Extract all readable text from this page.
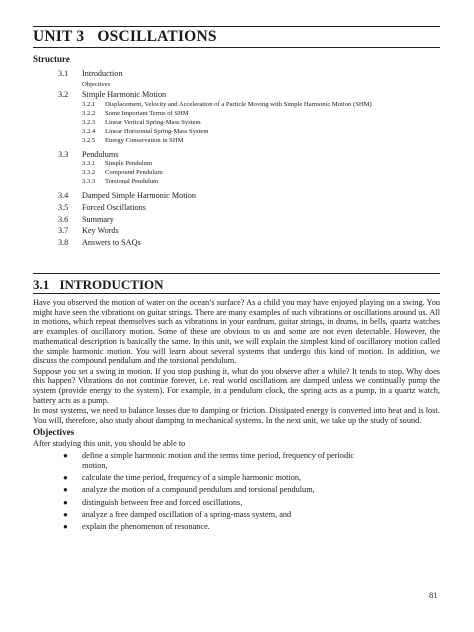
UNIT 3 OSCILLATIONS
Structure
3.1	Introduction
Objectives
3.2	Simple Harmonic Motion
3.2.1	Displacement, Velocity and Acceleration of a Particle Moving with Simple Harmonic Motion (SHM)
3.2.2	Some Important Terms of SHM
3.2.3	Linear Vertical Spring-Mass System
3.2.4	Linear Horizontal Spring-Mass System
3.2.5	Energy Conservation in SHM
3.3	Pendulums
3.3.1	Simple Pendulum
3.3.2	Compound Pendulum
3.3.3	Torsional Pendulum
3.4	Damped Simple Harmonic Motion
3.5	Forced Oscillations
3.6	Summary
3.7	Key Words
3.8	Answers to SAQs
3.1 INTRODUCTION

Have you observed the motion of water on the ocean’s surface? As a child you may have enjoyed playing on a swing. You might have seen the vibrations on guitar strings. There are many examples of such vibrations or oscillations around us. All in motions, which repeat themselves such as vibrations in your eardrum, guitar strings, in drums, in bells, quartz watches are examples of oscillatory motion. Some of these are obvious to us and some are not even detectable. However, the mathematical description is basically the same. In this unit, we will explain the simplest kind of oscillatory motion called the simple harmonic motion. You will learn about several systems that undergo this kind of motion. In addition, we discuss the compound pendulum and the torsional pendulum.

Suppose you set a swing in motion. If you stop pushing it, what do you observe after a while? It tends to stop. Why does this happen? Vibrations do not continue forever, i.e. real world oscillations are damped unless we continually pump the system (provide energy to the system). For example, in a pendulum clock, the spring acts as a pump, in a quartz watch, battery acts as a pump.

In most systems, we need to balance losses due to damping or friction. Dissipated energy is converted into heat and is lost.

You will, therefore, also study about damping in mechanical systems. In the next unit, we take up the study of sound.

Objectives

After studying this unit, you should be able to

● define a simple harmonic motion and the terms time period, frequency of periodic motion,
● calculate the time period, frequency of a simple harmonic motion,
● analyze the motion of a compound pendulum and torsional pendulum,
● distinguish between free and forced oscillations,
● analyze a free damped oscillation of a spring-mass system, and
● explain the phenomenon of resonance.
81
